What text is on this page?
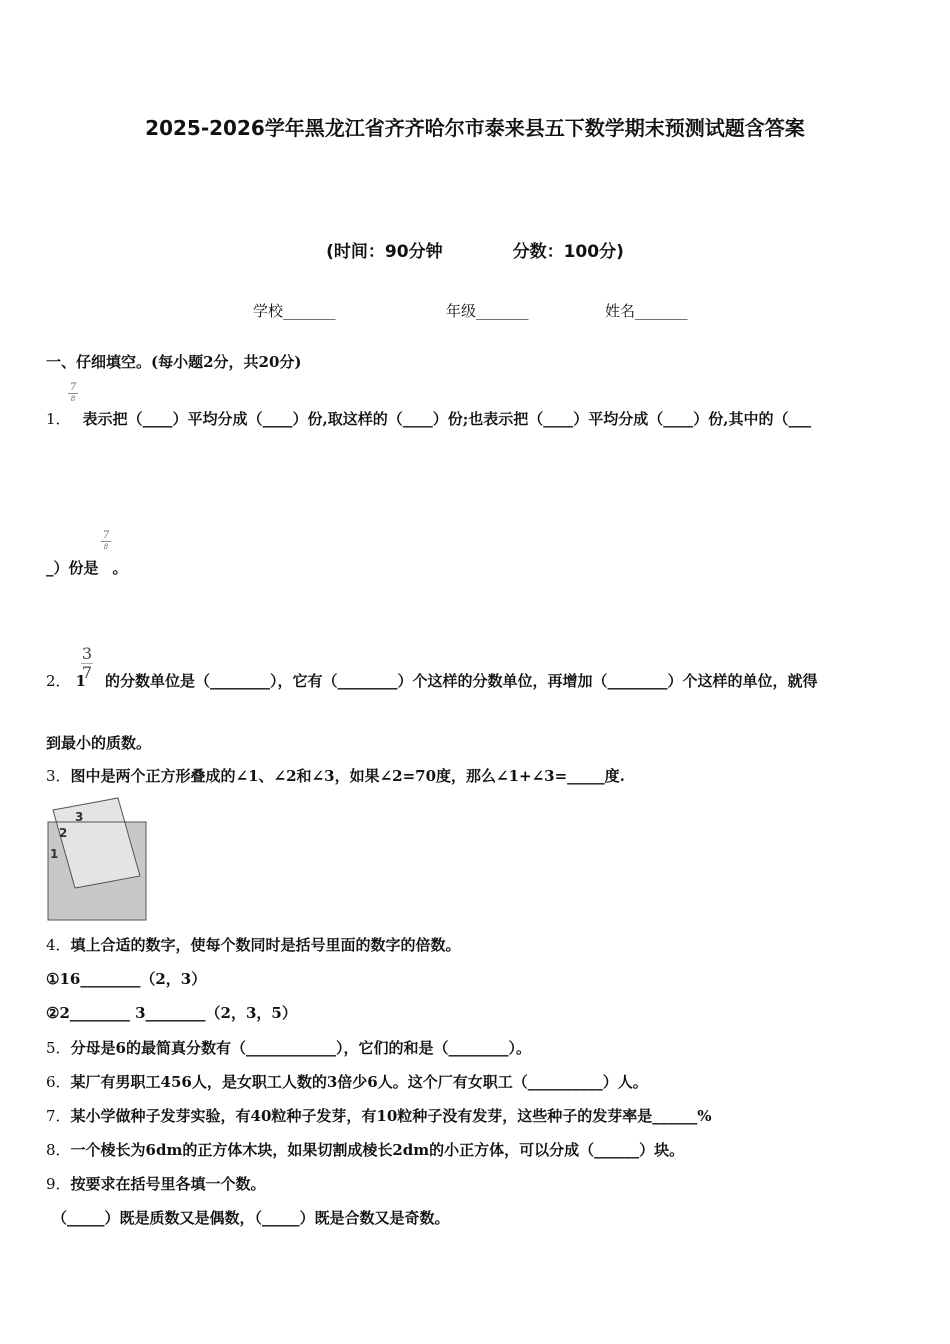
2025-2026学年黑龙江省齐齐哈尔市泰来县五下数学期末预测试题含答案
(时间：90分钟	分数：100分)
学校_______	年级_______	姓名_______
一、仔细填空。(每小题2分，共20分)
7
8
1． 表示把（____）平均分成（____）份,取这样的（____）份;也表示把（____）平均分成（____）份,其中的（___
7
8
_）份是 。
$\frac{3}{7}$
2． 1 的分数单位是（________），它有（________）个这样的分数单位，再增加（________）个这样的单位，就得
到最小的质数。
3．图中是两个正方形叠成的∠1、∠2和∠3，如果∠2=70度，那么∠1+∠3=_____度.
1
2
3
4．填上合适的数字，使每个数同时是括号里面的数字的倍数。
①16________（2，3）
②2________ 3________（2，3，5）
5．分母是6的最简真分数有（____________），它们的和是（________）。
6．某厂有男职工456人，是女职工人数的3倍少6人。这个厂有女职工（__________）人。
7．某小学做种子发芽实验，有40粒种子发芽，有10粒种子没有发芽，这些种子的发芽率是______%
8．一个棱长为6dm的正方体木块，如果切割成棱长2dm的小正方体，可以分成（______）块。
9．按要求在括号里各填一个数。
（_____）既是质数又是偶数，（_____）既是合数又是奇数。
